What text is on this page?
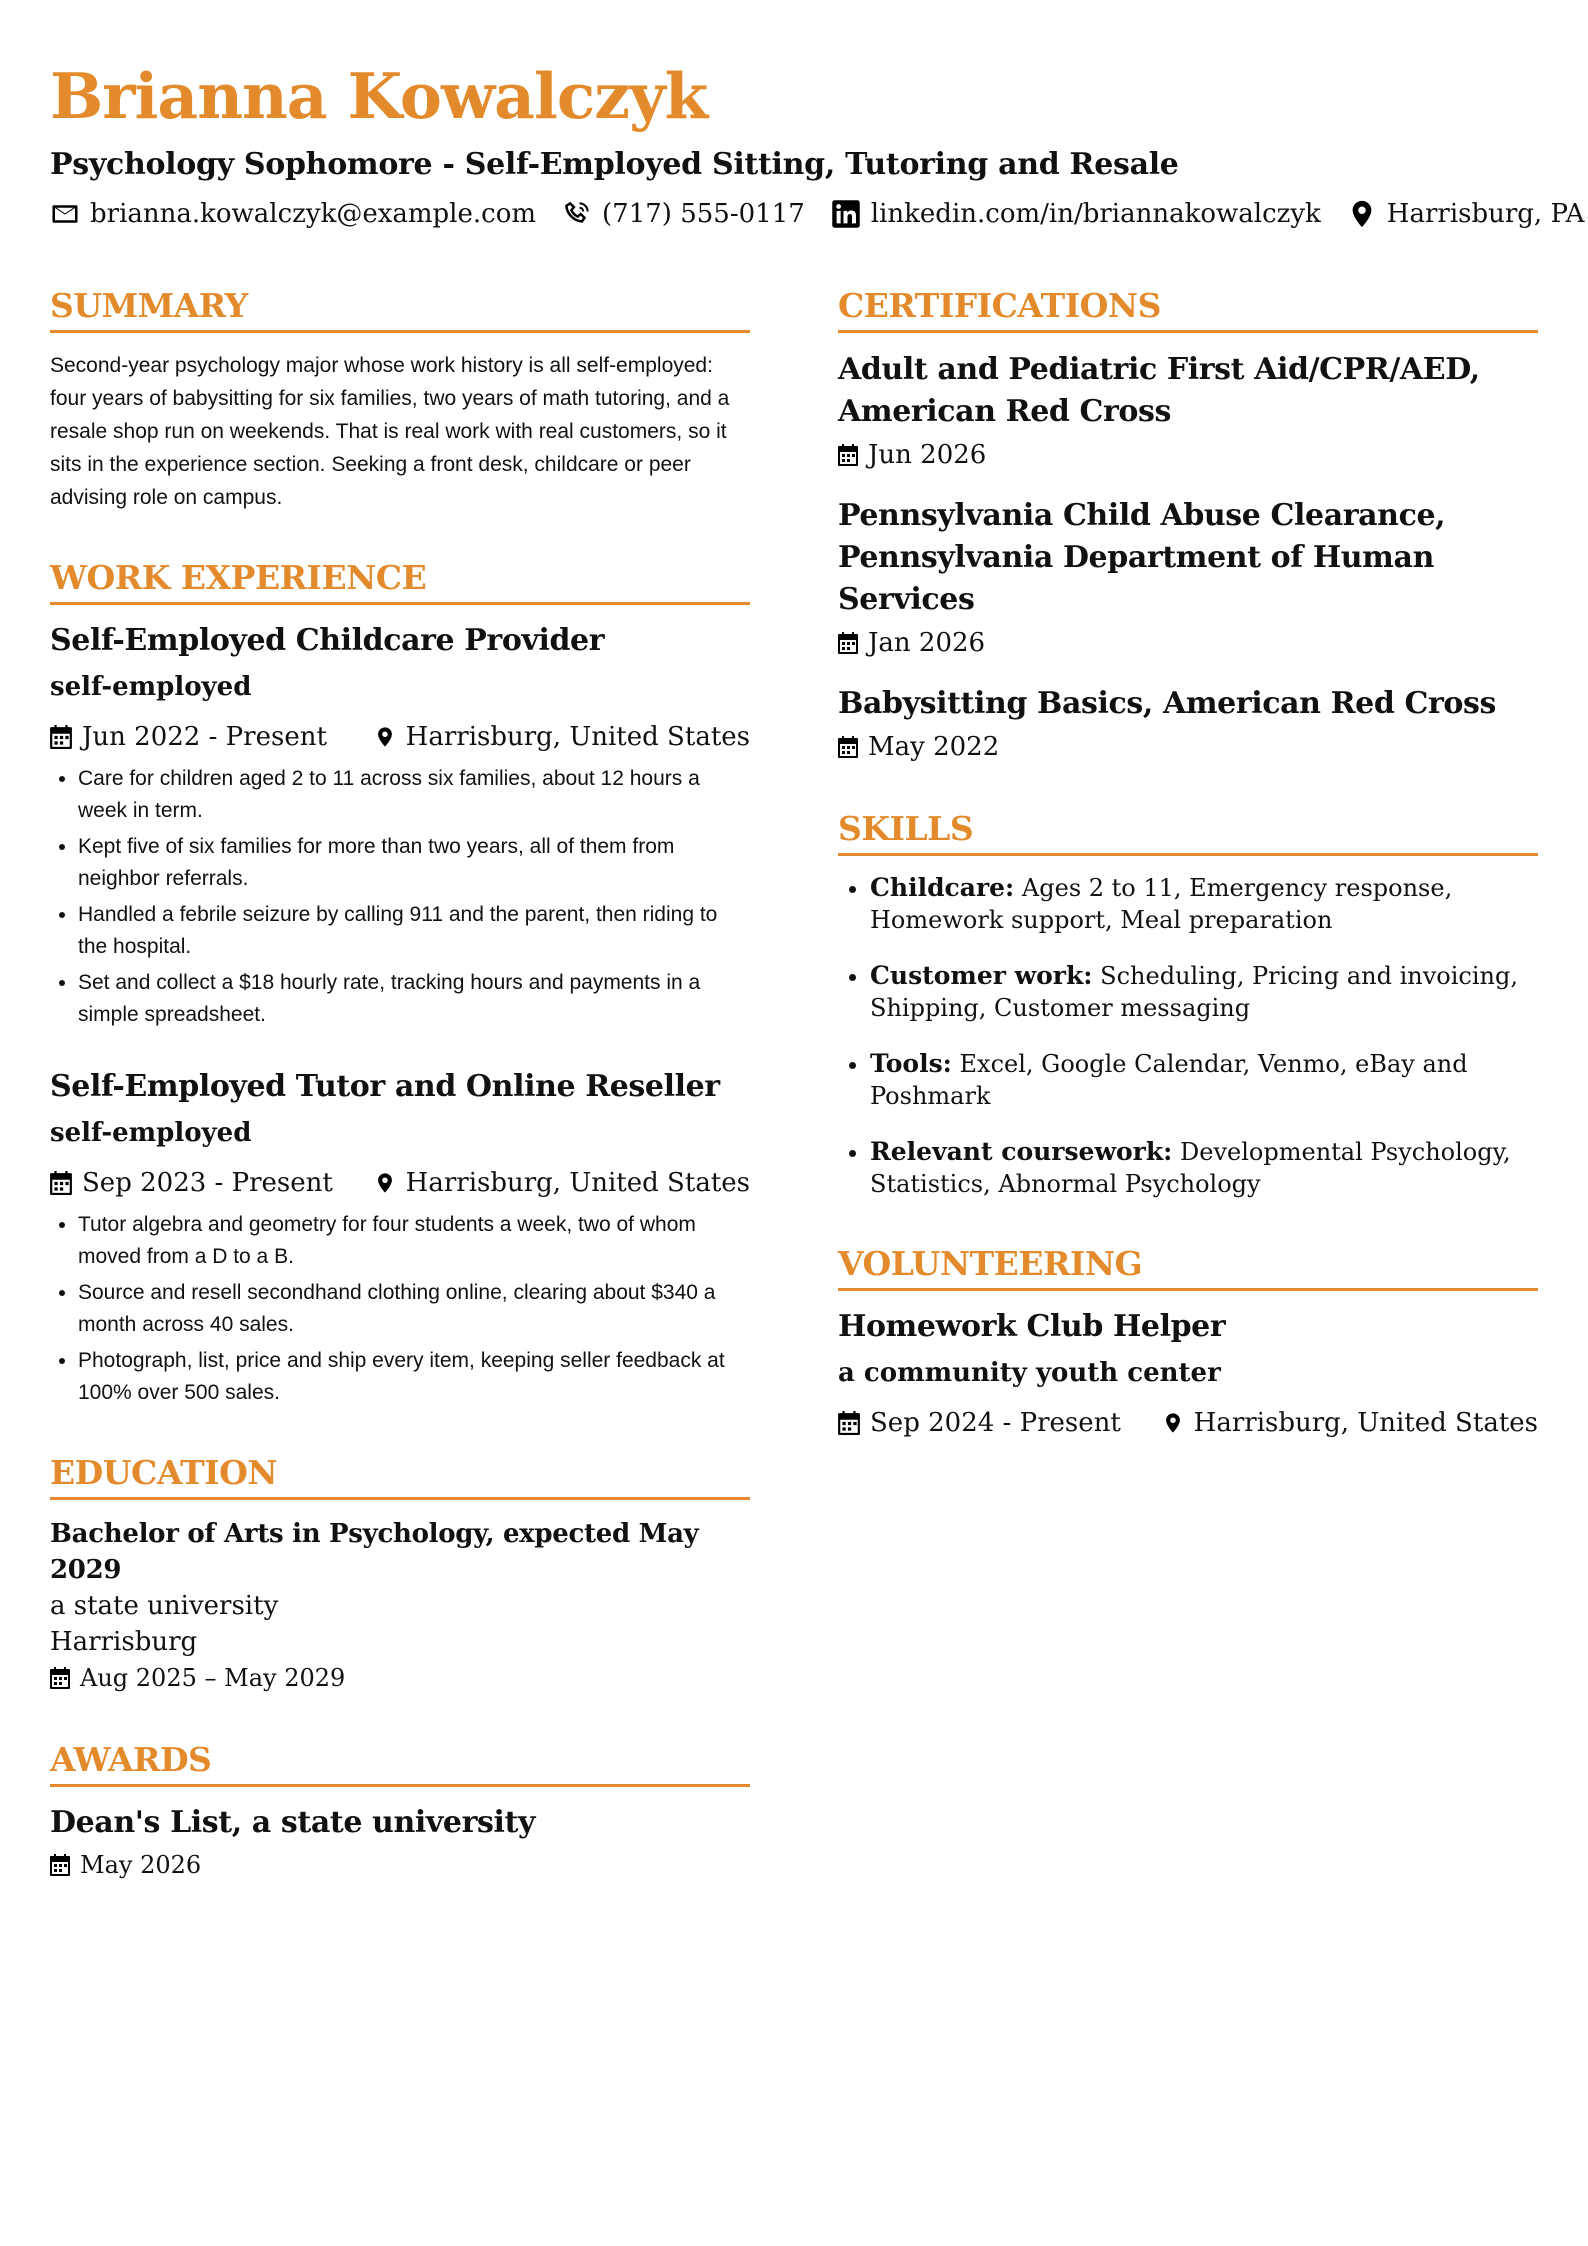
Brianna Kowalczyk
Psychology Sophomore - Self-Employed Sitting, Tutoring and Resale
brianna.kowalczyk@example.com	(717) 555-0117	linkedin.com/in/briannakowalczyk	Harrisburg, PA
SUMMARY

Second-year psychology major whose work history is all self-employed: four years of babysitting for six families, two years of math tutoring, and a resale shop run on weekends. That is real work with real customers, so it sits in the experience section. Seeking a front desk, childcare or peer advising role on campus.

WORK EXPERIENCE
Self-Employed Childcare Provider
self-employed
Jun 2022 - Present	Harrisburg, United States
• Care for children aged 2 to 11 across six families, about 12 hours a week in term.
• Kept five of six families for more than two years, all of them from neighbor referrals.
• Handled a febrile seizure by calling 911 and the parent, then riding to the hospital.
• Set and collect a $18 hourly rate, tracking hours and payments in a simple spreadsheet.
Self-Employed Tutor and Online Reseller
self-employed
Sep 2023 - Present	Harrisburg, United States
• Tutor algebra and geometry for four students a week, two of whom moved from a D to a B.
• Source and resell secondhand clothing online, clearing about $340 a month across 40 sales.
• Photograph, list, price and ship every item, keeping seller feedback at 100% over 500 sales.
EDUCATION
Bachelor of Arts in Psychology, expected May 2029
a state university
Harrisburg
Aug 2025 – May 2029
AWARDS
Dean's List, a state university
May 2026
CERTIFICATIONS
Adult and Pediatric First Aid/CPR/AED, American Red Cross
Jun 2026
Pennsylvania Child Abuse Clearance, Pennsylvania Department of Human Services
Jan 2026
Babysitting Basics, American Red Cross
May 2022
SKILLS
• Childcare: Ages 2 to 11, Emergency response, Homework support, Meal preparation
• Customer work: Scheduling, Pricing and invoicing, Shipping, Customer messaging
• Tools: Excel, Google Calendar, Venmo, eBay and Poshmark
• Relevant coursework: Developmental Psychology, Statistics, Abnormal Psychology
VOLUNTEERING
Homework Club Helper
a community youth center
Sep 2024 - Present	Harrisburg, United States
